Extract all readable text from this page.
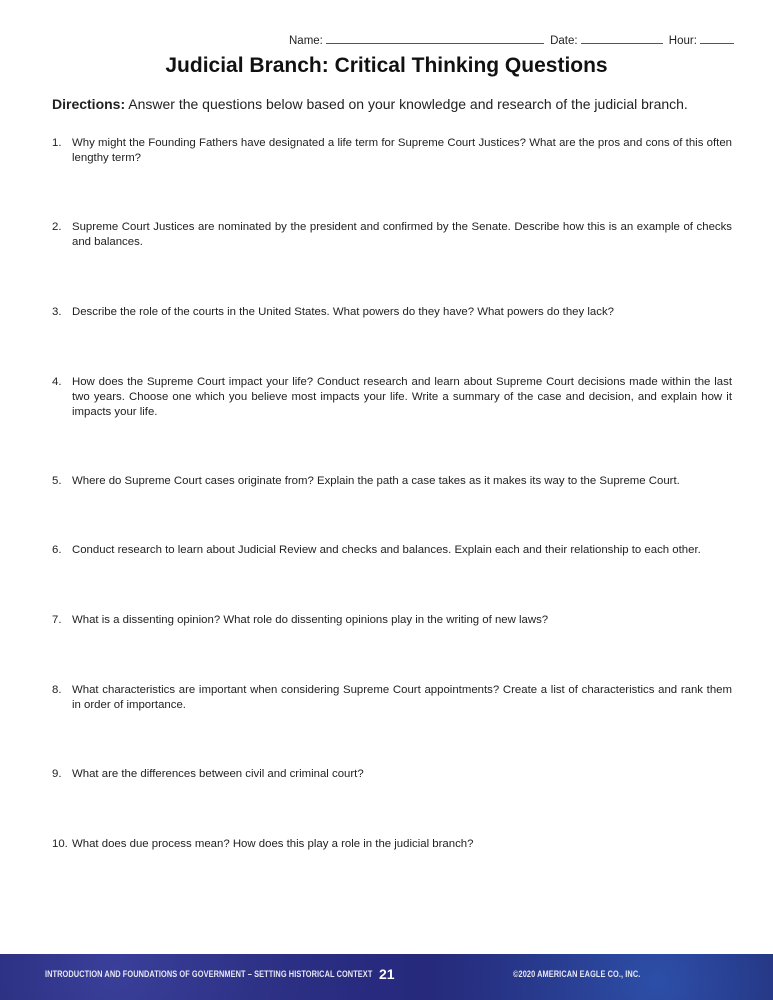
Name:	Date:	Hour:
Judicial Branch: Critical Thinking Questions
Directions: Answer the questions below based on your knowledge and research of the judicial branch.
1. Why might the Founding Fathers have designated a life term for Supreme Court Justices? What are the pros and cons of this often lengthy term?
2. Supreme Court Justices are nominated by the president and confirmed by the Senate. Describe how this is an example of checks and balances.
3. Describe the role of the courts in the United States. What powers do they have? What powers do they lack?
4. How does the Supreme Court impact your life? Conduct research and learn about Supreme Court decisions made within the last two years. Choose one which you believe most impacts your life. Write a summary of the case and decision, and explain how it impacts your life.
5. Where do Supreme Court cases originate from? Explain the path a case takes as it makes its way to the Supreme Court.
6. Conduct research to learn about Judicial Review and checks and balances. Explain each and their relationship to each other.
7. What is a dissenting opinion? What role do dissenting opinions play in the writing of new laws?
8. What characteristics are important when considering Supreme Court appointments? Create a list of characteristics and rank them in order of importance.
9. What are the differences between civil and criminal court?
10. What does due process mean? How does this play a role in the judicial branch?
INTRODUCTION AND FOUNDATIONS OF GOVERNMENT – SETTING HISTORICAL CONTEXT 21	©2020 AMERICAN EAGLE CO., INC.
